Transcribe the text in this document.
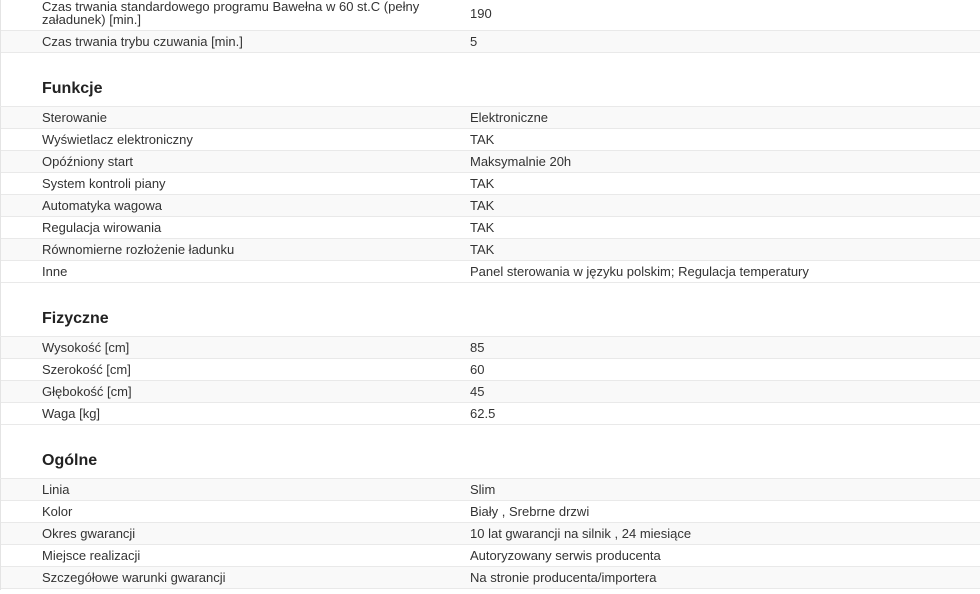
Czas trwania standardowego programu Bawełna w 60 st.C (pełny załadunek) [min.]	190
Czas trwania trybu czuwania [min.]	5
Funkcje
Sterowanie	Elektroniczne
Wyświetlacz elektroniczny	TAK
Opóźniony start	Maksymalnie 20h
System kontroli piany	TAK
Automatyka wagowa	TAK
Regulacja wirowania	TAK
Równomierne rozłożenie ładunku	TAK
Inne	Panel sterowania w języku polskim; Regulacja temperatury
Fizyczne
Wysokość [cm]	85
Szerokość [cm]	60
Głębokość [cm]	45
Waga [kg]	62.5
Ogólne
Linia	Slim
Kolor	Biały , Srebrne drzwi
Okres gwarancji	10 lat gwarancji na silnik , 24 miesiące
Miejsce realizacji	Autoryzowany serwis producenta
Szczegółowe warunki gwarancji	Na stronie producenta/importera
